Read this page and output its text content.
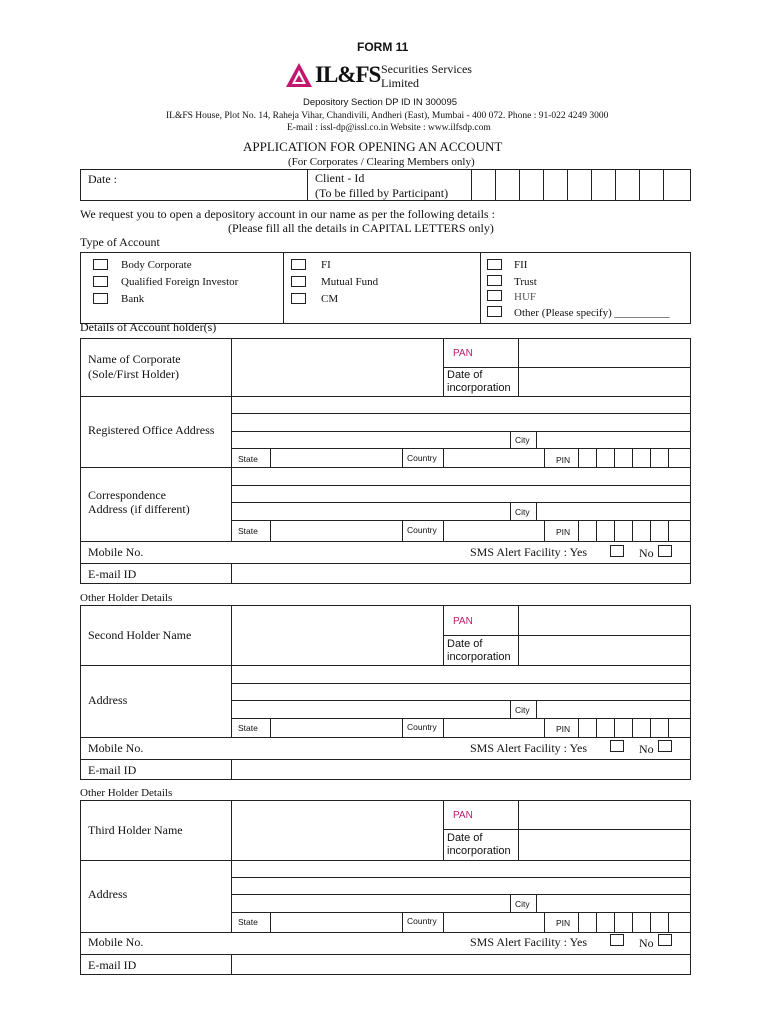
FORM 11
IL&FS Securities Services
Limited
Depository Section DP ID IN 300095
IL&FS House, Plot No. 14, Raheja Vihar, Chandivili, Andheri (East), Mumbai - 400 072. Phone : 91-022 4249 3000
E-mail : issl-dp@issl.co.in Website : www.ilfsdp.com
APPLICATION FOR OPENING AN ACCOUNT
(For Corporates / Clearing Members only)
Date :	Client - Id
(To be filled by Participant)
We request you to open a depository account in our name as per the following details :
(Please fill all the details in CAPITAL LETTERS only)
Type of Account
Body Corporate
Qualified Foreign Investor
Bank
FI
Mutual Fund
CM
FII
Trust
HUF
Other (Please specify) __________
Details of Account holder(s)
Name of Corporate
(Sole/First Holder)
PAN
Date of
incorporation
Registered Office Address
City
State	Country	PIN
Correspondence
Address (if different)	City
State	Country	PIN
Mobile No.	SMS Alert Facility : Yes	No
E-mail ID
Other Holder Details
Second Holder Name
PAN
Date of
incorporation
Address
City
State	Country	PIN
Mobile No.	SMS Alert Facility : Yes	No
E-mail ID
Other Holder Details
Third Holder Name
PAN
Date of
incorporation
Address
City
State	Country	PIN
Mobile No.	SMS Alert Facility : Yes	No
E-mail ID
